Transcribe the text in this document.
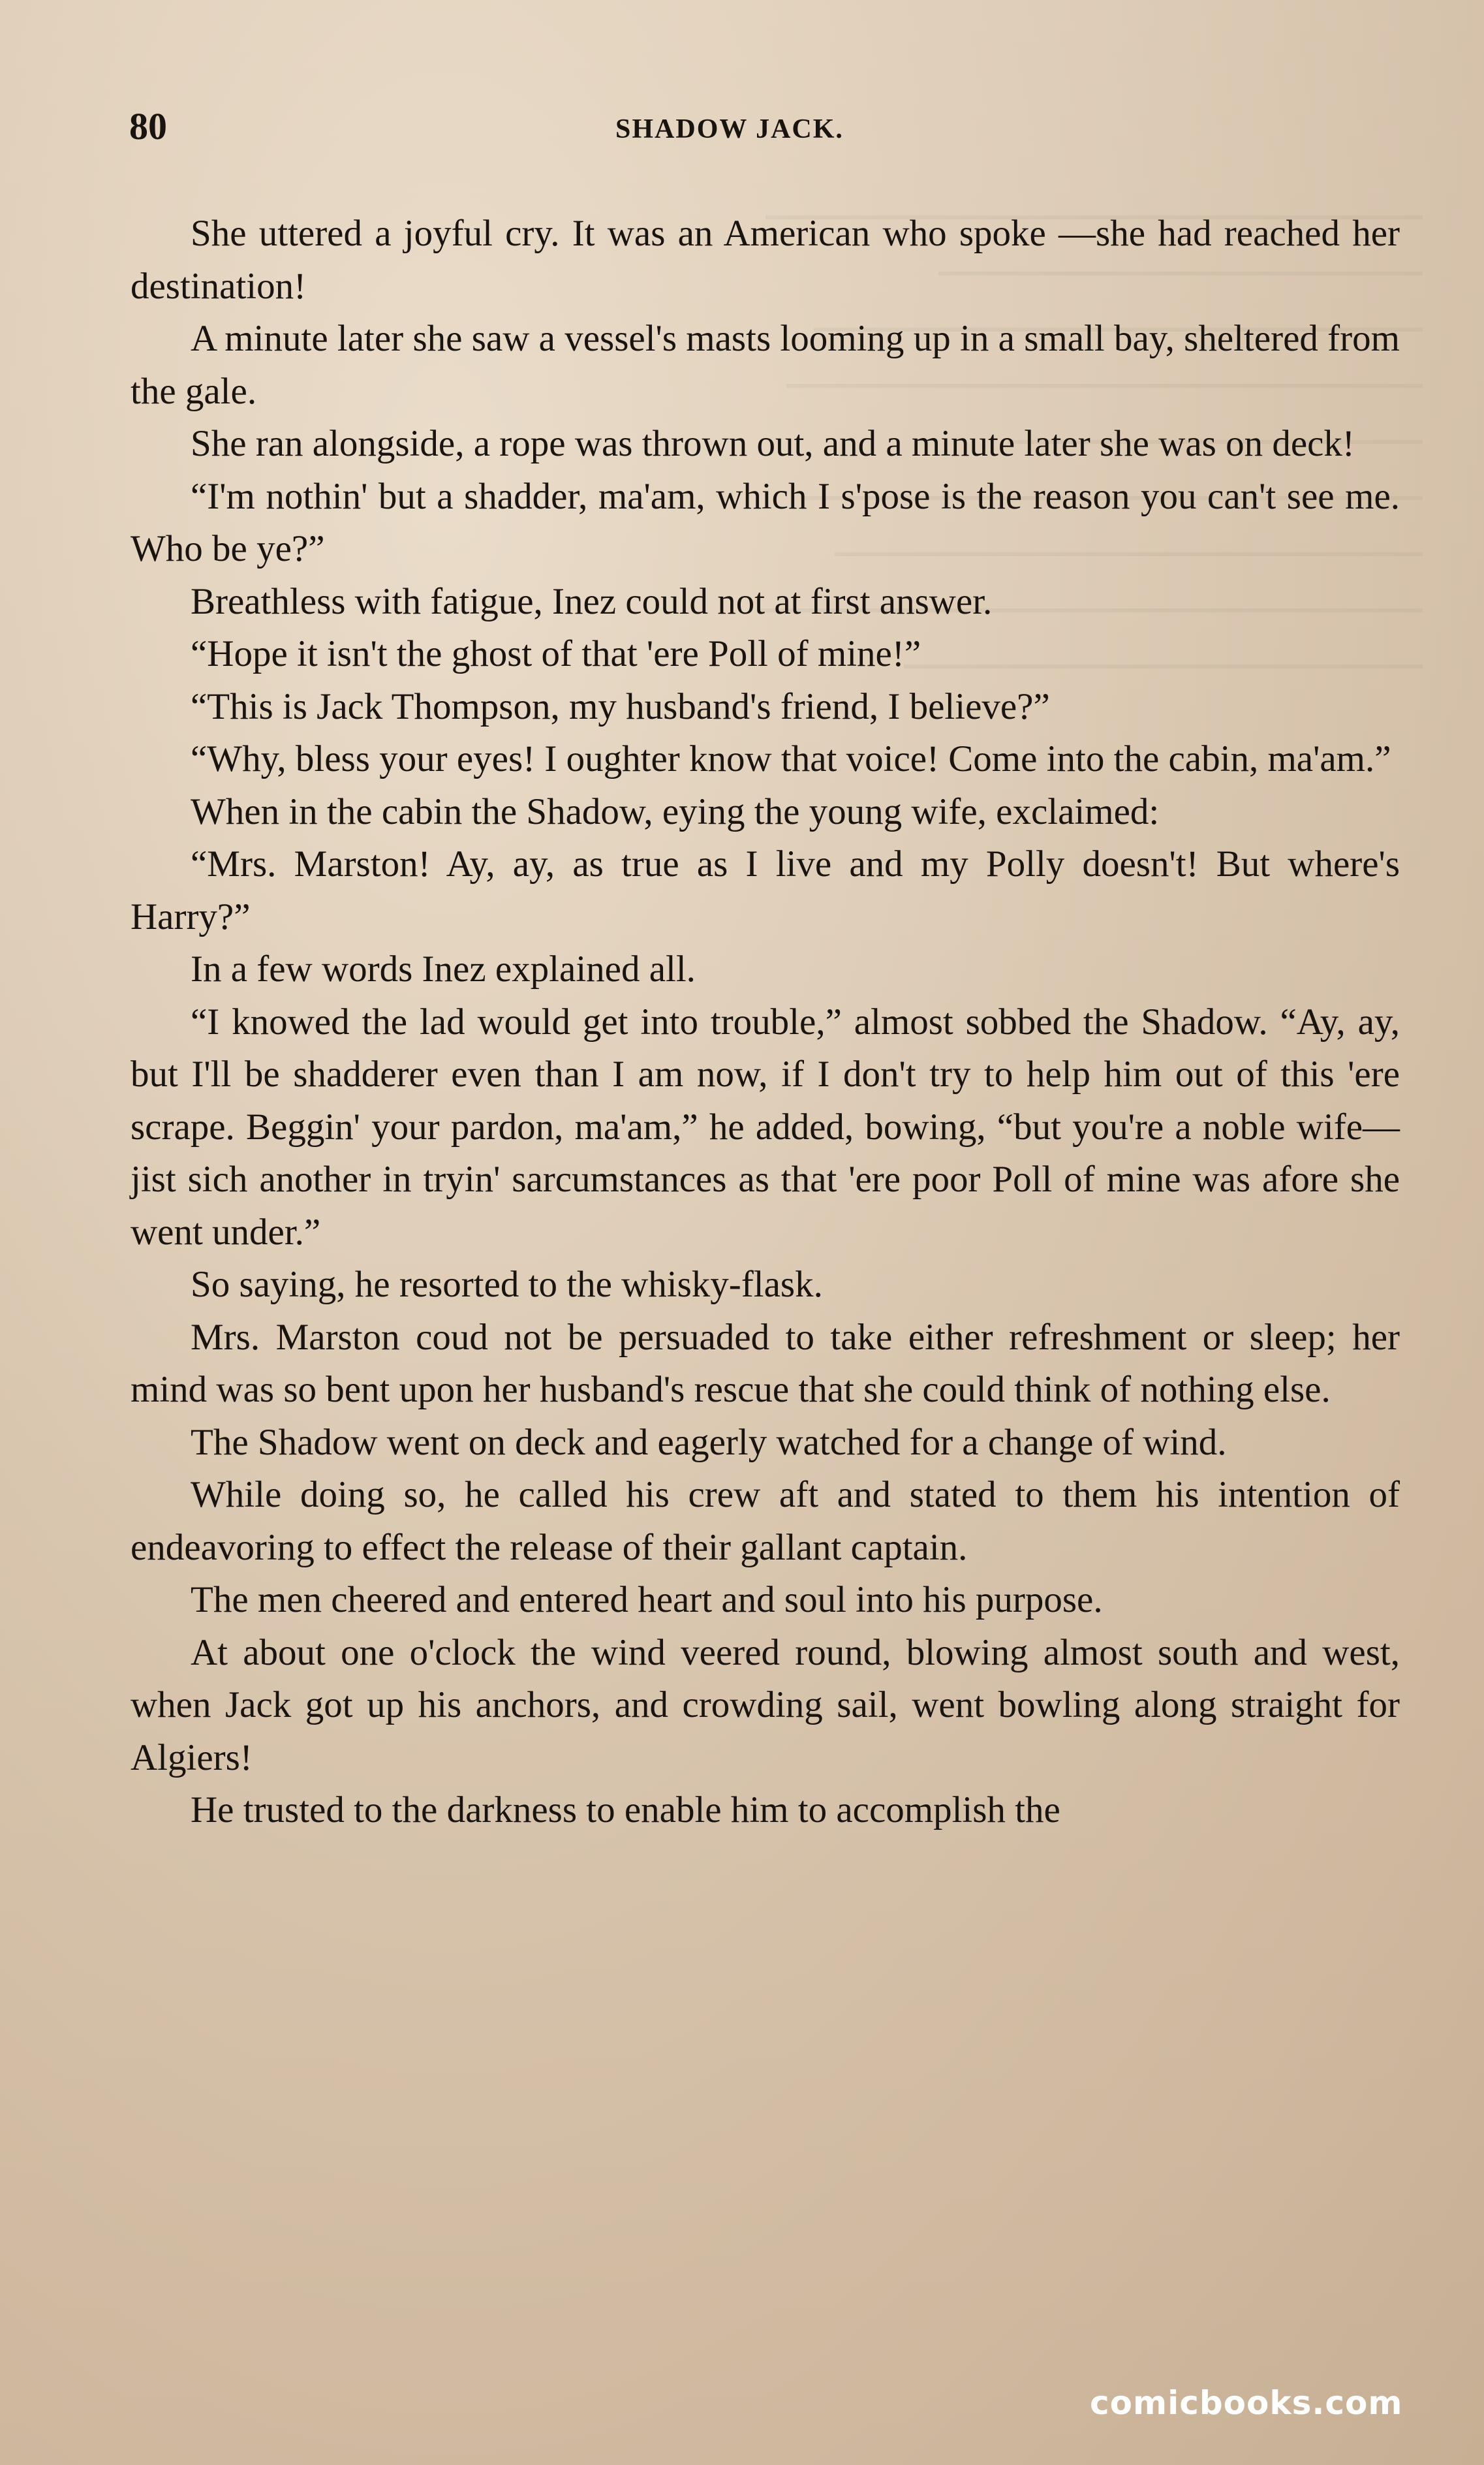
80	SHADOW JACK.

She uttered a joyful cry. It was an American who spoke —she had reached her destination!

A minute later she saw a vessel's masts looming up in a small bay, sheltered from the gale.

She ran alongside, a rope was thrown out, and a minute later she was on deck!

“I'm nothin' but a shadder, ma'am, which I s'pose is the reason you can't see me. Who be ye?”

Breathless with fatigue, Inez could not at first answer.

“Hope it isn't the ghost of that 'ere Poll of mine!”

“This is Jack Thompson, my husband's friend, I believe?”

“Why, bless your eyes! I oughter know that voice! Come into the cabin, ma'am.”

When in the cabin the Shadow, eying the young wife, exclaimed:

“Mrs. Marston! Ay, ay, as true as I live and my Polly doesn't! But where's Harry?”

In a few words Inez explained all.

“I knowed the lad would get into trouble,” almost sobbed the Shadow. “Ay, ay, but I'll be shadderer even than I am now, if I don't try to help him out of this 'ere scrape. Beggin' your pardon, ma'am,” he added, bowing, “but you're a noble wife—jist sich another in tryin' sarcumstances as that 'ere poor Poll of mine was afore she went under.”

So saying, he resorted to the whisky-flask.

Mrs. Marston coud not be persuaded to take either refreshment or sleep; her mind was so bent upon her husband's rescue that she could think of nothing else.

The Shadow went on deck and eagerly watched for a change of wind.

While doing so, he called his crew aft and stated to them his intention of endeavoring to effect the release of their gallant captain.

The men cheered and entered heart and soul into his purpose.

At about one o'clock the wind veered round, blowing almost south and west, when Jack got up his anchors, and crowding sail, went bowling along straight for Algiers!

He trusted to the darkness to enable him to accomplish the

comicbooks.com
